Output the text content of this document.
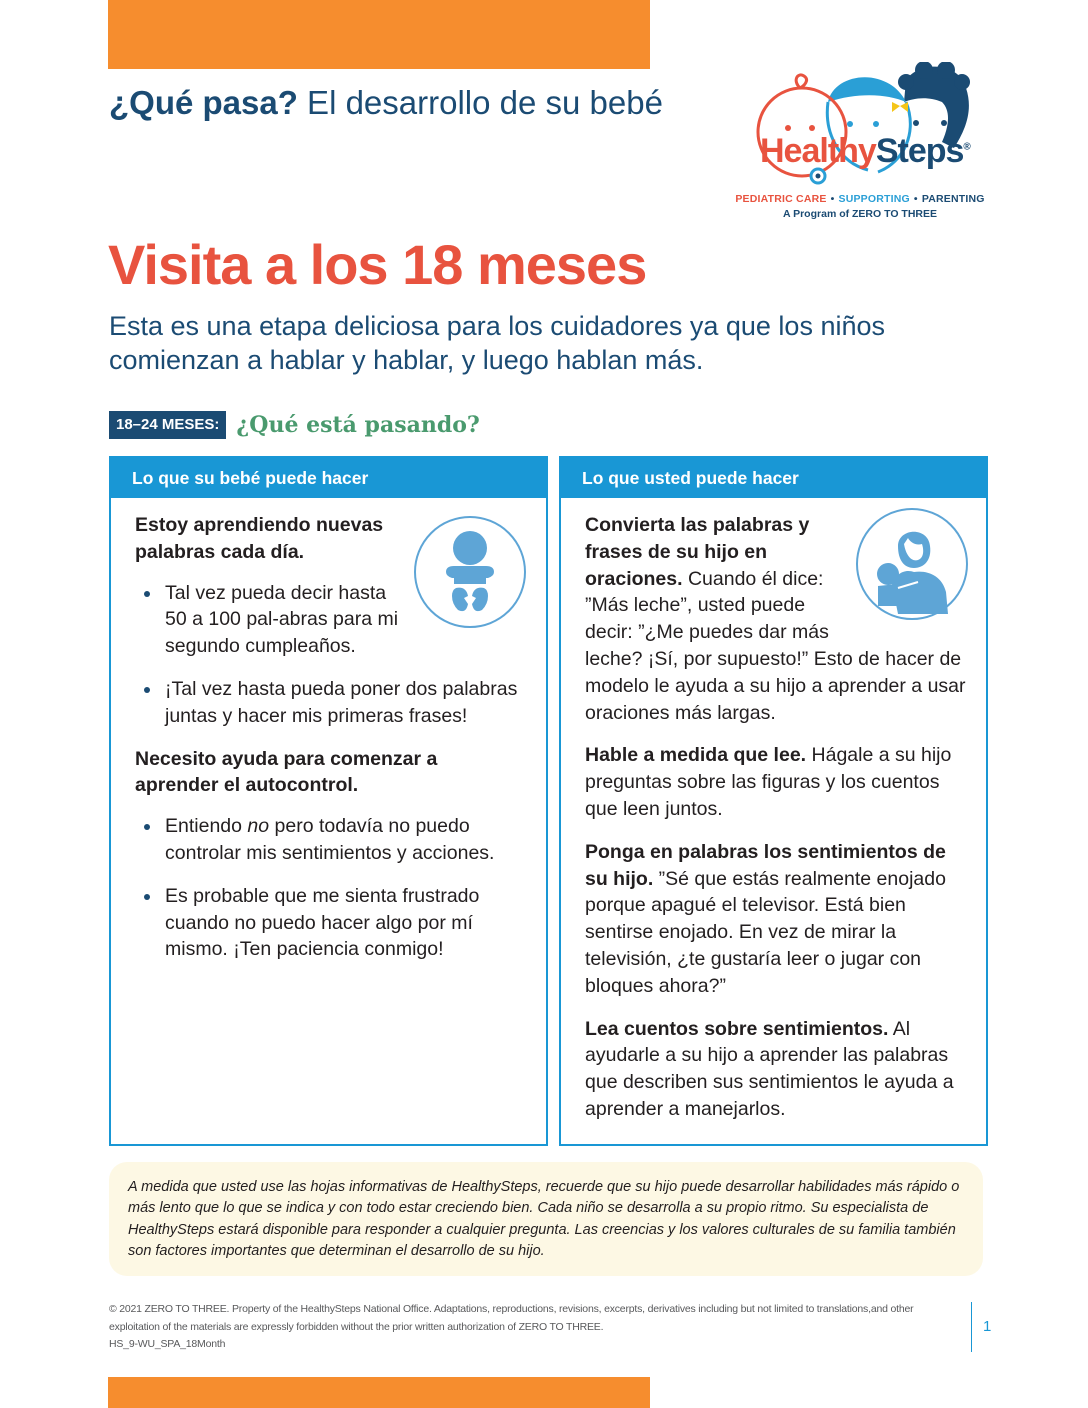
¿Qué pasa? El desarrollo de su bebé
HealthySteps®
PEDIATRIC CARE • SUPPORTING • PARENTING
A Program of ZERO TO THREE
Visita a los 18 meses
Esta es una etapa deliciosa para los cuidadores ya que los niños comienzan a hablar y hablar, y luego hablan más.
18–24 MESES: ¿Qué está pasando?
Lo que su bebé puede hacer
Estoy aprendiendo nuevas palabras cada día.
Tal vez pueda decir hasta 50 a 100 pal-abras para mi segundo cumpleaños.
¡Tal vez hasta pueda poner dos palabras juntas y hacer mis primeras frases!
Necesito ayuda para comenzar a aprender el autocontrol.
Entiendo no pero todavía no puedo controlar mis sentimientos y acciones.
Es probable que me sienta frustrado cuando no puedo hacer algo por mí mismo. ¡Ten paciencia conmigo!
Lo que usted puede hacer

Convierta las palabras y frases de su hijo en oraciones. Cuando él dice: ”Más leche”, usted puede decir: ”¿Me puedes dar más leche? ¡Sí, por supuesto!” Esto de hacer de modelo le ayuda a su hijo a aprender a usar oraciones más largas.

Hable a medida que lee. Hágale a su hijo preguntas sobre las figuras y los cuentos que leen juntos.

Ponga en palabras los sentimientos de su hijo. ”Sé que estás realmente enojado porque apagué el televisor. Está bien sentirse enojado. En vez de mirar la televisión, ¿te gustaría leer o jugar con bloques ahora?”

Lea cuentos sobre sentimientos. Al ayudarle a su hijo a aprender las palabras que describen sus sentimientos le ayuda a aprender a manejarlos.

A medida que usted use las hojas informativas de HealthySteps, recuerde que su hijo puede desarrollar habilidades más rápido o más lento que lo que se indica y con todo estar creciendo bien. Cada niño se desarrolla a su propio ritmo. Su especialista de HealthySteps estará disponible para responder a cualquier pregunta. Las creencias y los valores culturales de su familia también son factores importantes que determinan el desarrollo de su hijo.
© 2021 ZERO TO THREE. Property of the HealthySteps National Office. Adaptations, reproductions, revisions, excerpts, derivatives including but not limited to translations,and other exploitation of the materials are expressly forbidden without the prior written authorization of ZERO TO THREE.
HS_9-WU_SPA_18Month
1
